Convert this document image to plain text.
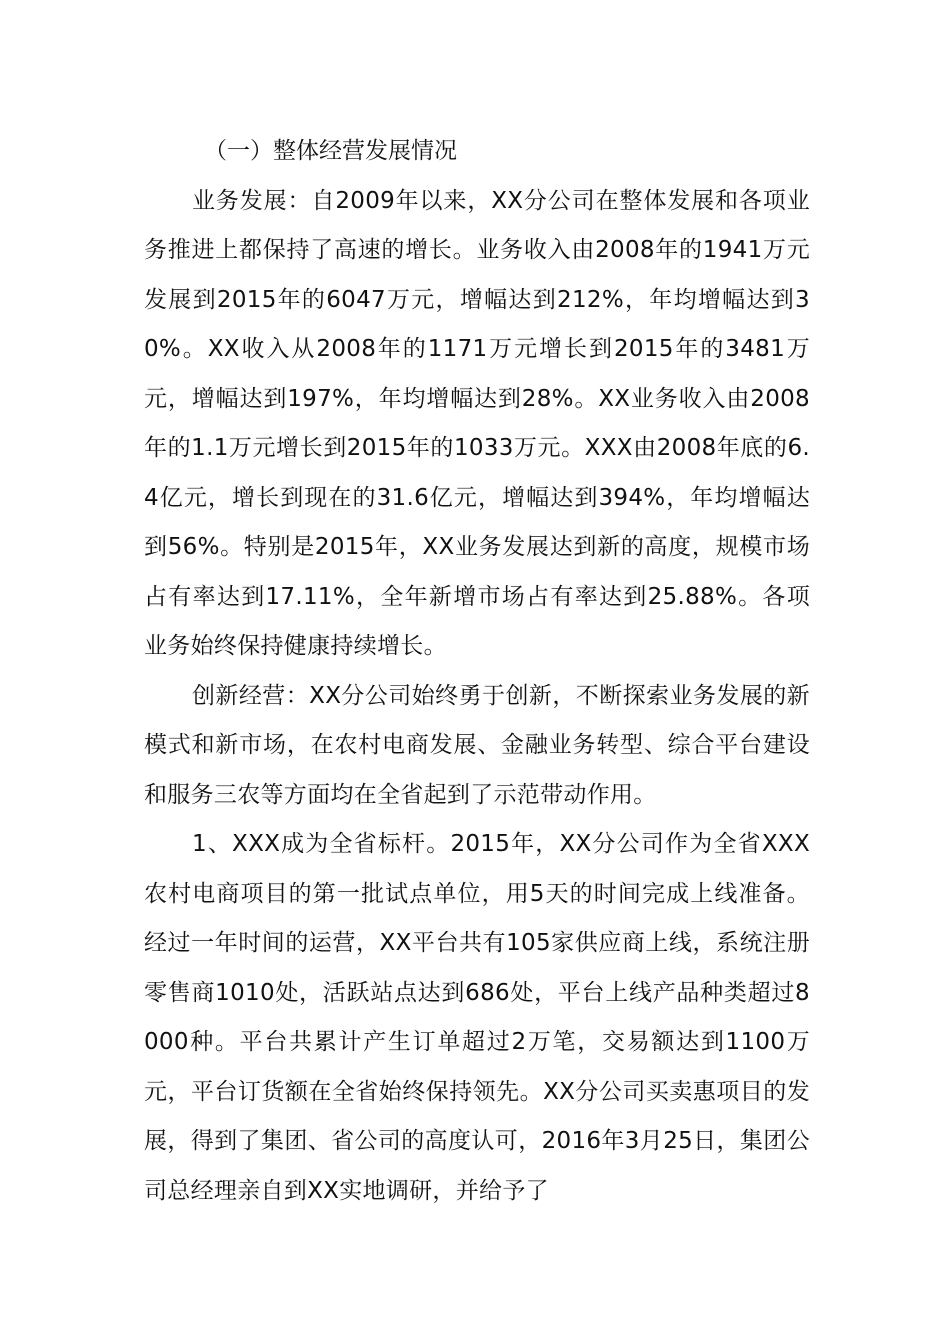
（一）整体经营发展情况

业务发展：自2009年以来，XX分公司在整体发展和各项业务推进上都保持了高速的增长。业务收入由2008年的1941万元发展到2015年的6047万元，增幅达到212%，年均增幅达到30%。XX收入从2008年的1171万元增长到2015年的3481万元，增幅达到197%，年均增幅达到28%。XX业务收入由2008年的1.1万元增长到2015年的1033万元。XXX由2008年底的6.4亿元，增长到现在的31.6亿元，增幅达到394%，年均增幅达到56%。特别是2015年，XX业务发展达到新的高度，规模市场占有率达到17.11%，全年新增市场占有率达到25.88%。各项业务始终保持健康持续增长。

创新经营：XX分公司始终勇于创新，不断探索业务发展的新模式和新市场，在农村电商发展、金融业务转型、综合平台建设和服务三农等方面均在全省起到了示范带动作用。

1、XXX成为全省标杆。2015年，XX分公司作为全省XXX农村电商项目的第一批试点单位，用5天的时间完成上线准备。经过一年时间的运营，XX平台共有105家供应商上线，系统注册零售商1010处，活跃站点达到686处，平台上线产品种类超过8000种。平台共累计产生订单超过2万笔，交易额达到1100万元，平台订货额在全省始终保持领先。XX分公司买卖惠项目的发展，得到了集团、省公司的高度认可，2016年3月25日，集团公司总经理亲自到XX实地调研，并给予了
